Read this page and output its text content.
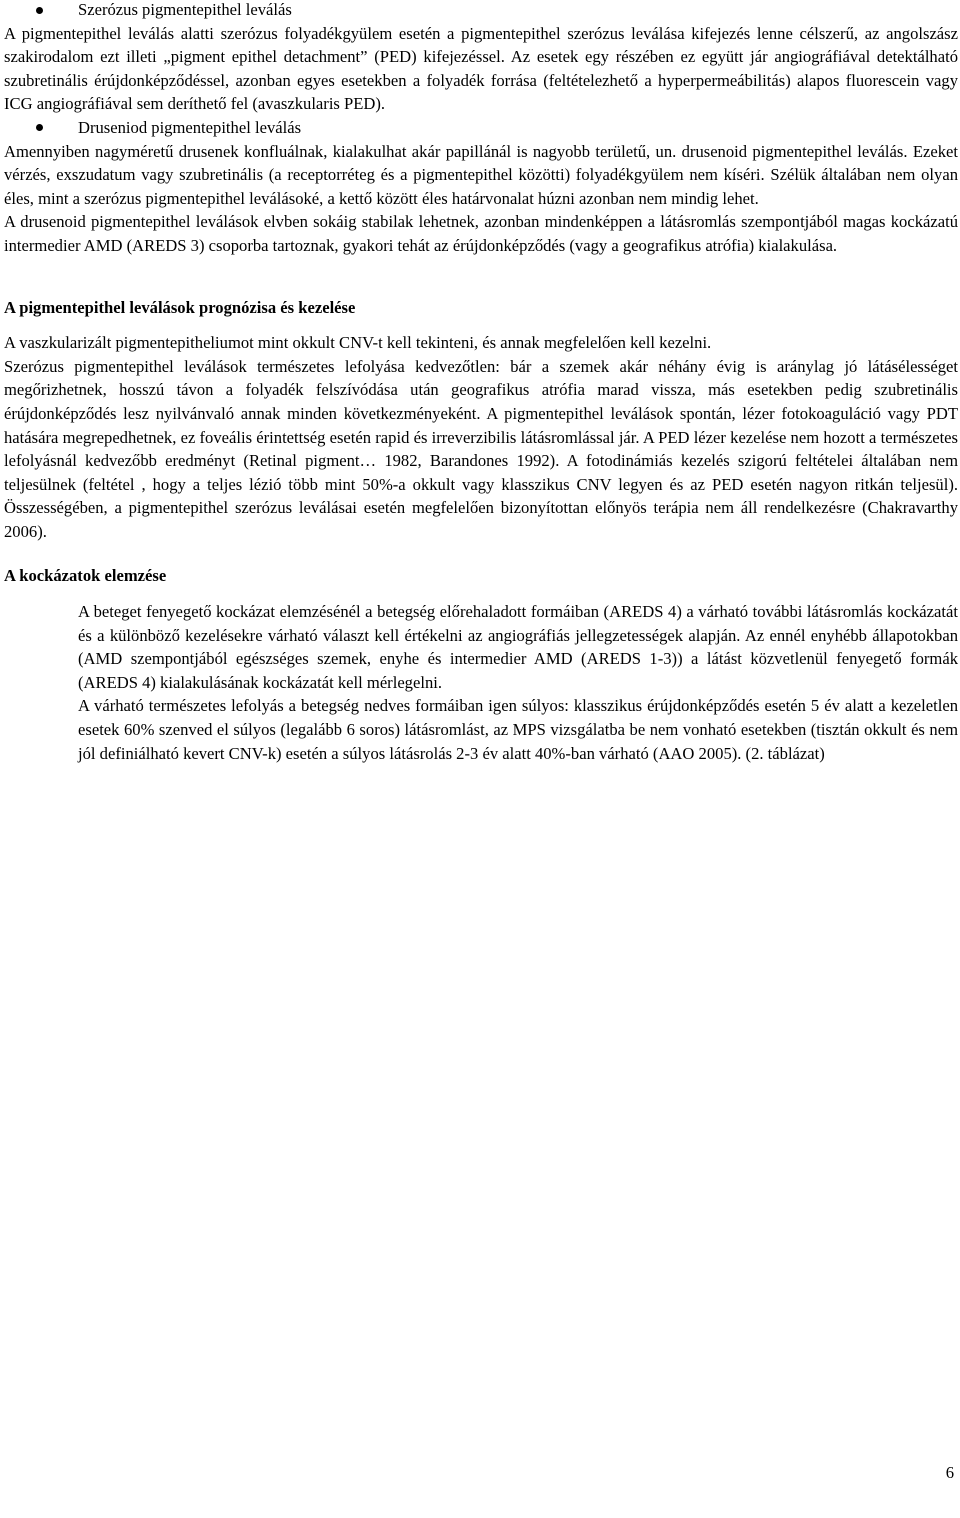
Szerózus pigmentepithel leválás

A pigmentepithel leválás alatti szerózus folyadékgyülem esetén a pigmentepithel szerózus leválása kifejezés lenne célszerű, az angolszász szakirodalom ezt illeti „pigment epithel detachment” (PED) kifejezéssel. Az esetek egy részében ez együtt jár angiográfiával detektálható szubretinális érújdonképződéssel, azonban egyes esetekben a folyadék forrása (feltételezhető a hyperpermeábilitás) alapos fluorescein vagy ICG angiográfiával sem deríthető fel (avaszkularis PED).

Druseniod pigmentepithel leválás

Amennyiben nagyméretű drusenek konfluálnak, kialakulhat akár papillánál is nagyobb területű, un. drusenoid pigmentepithel leválás. Ezeket vérzés, exszudatum vagy szubretinális (a receptorréteg és a pigmentepithel közötti) folyadékgyülem nem kíséri. Szélük általában nem olyan éles, mint a szerózus pigmentepithel leválásoké, a kettő között éles határvonalat húzni azonban nem mindig lehet.

A drusenoid pigmentepithel leválások elvben sokáig stabilak lehetnek, azonban mindenképpen a látásromlás szempontjából magas kockázatú intermedier AMD (AREDS 3) csoporba tartoznak, gyakori tehát az érújdonképződés (vagy a geografikus atrófia) kialakulása.

A pigmentepithel leválások prognózisa és kezelése

A vaszkularizált pigmentepitheliumot mint okkult CNV-t kell tekinteni, és annak megfelelően kell kezelni.

Szerózus pigmentepithel leválások természetes lefolyása kedvezőtlen: bár a szemek akár néhány évig is aránylag jó látásélességet megőrizhetnek, hosszú távon a folyadék felszívódása után geografikus atrófia marad vissza, más esetekben pedig szubretinális érújdonképződés lesz nyilvánvaló annak minden következményeként. A pigmentepithel leválások spontán, lézer fotokoaguláció vagy PDT hatására megrepedhetnek, ez foveális érintettség esetén rapid és irreverzibilis látásromlással jár. A PED lézer kezelése nem hozott a természetes lefolyásnál kedvezőbb eredményt (Retinal pigment… 1982, Barandones 1992). A fotodinámiás kezelés szigorú feltételei általában nem teljesülnek (feltétel , hogy a teljes lézió több mint 50%-a okkult vagy klasszikus CNV legyen és az PED esetén nagyon ritkán teljesül). Összességében, a pigmentepithel szerózus leválásai esetén megfelelően bizonyítottan előnyös terápia nem áll rendelkezésre (Chakravarthy 2006).

A kockázatok elemzése

A beteget fenyegető kockázat elemzésénél a betegség előrehaladott formáiban (AREDS 4) a várható további látásromlás kockázatát és a különböző kezelésekre várható választ kell értékelni az angiográfiás jellegzetességek alapján. Az ennél enyhébb állapotokban (AMD szempontjából egészséges szemek, enyhe és intermedier AMD (AREDS 1-3)) a látást közvetlenül fenyegető formák (AREDS 4) kialakulásának kockázatát kell mérlegelni.

A várható természetes lefolyás a betegség nedves formáiban igen súlyos: klasszikus érújdonképződés esetén 5 év alatt a kezeletlen esetek 60% szenved el súlyos (legalább 6 soros) látásromlást, az MPS vizsgálatba be nem vonható esetekben (tisztán okkult és nem jól definiálható kevert CNV-k) esetén a súlyos látásrolás 2-3 év alatt 40%-ban várható (AAO 2005). (2. táblázat)

6
